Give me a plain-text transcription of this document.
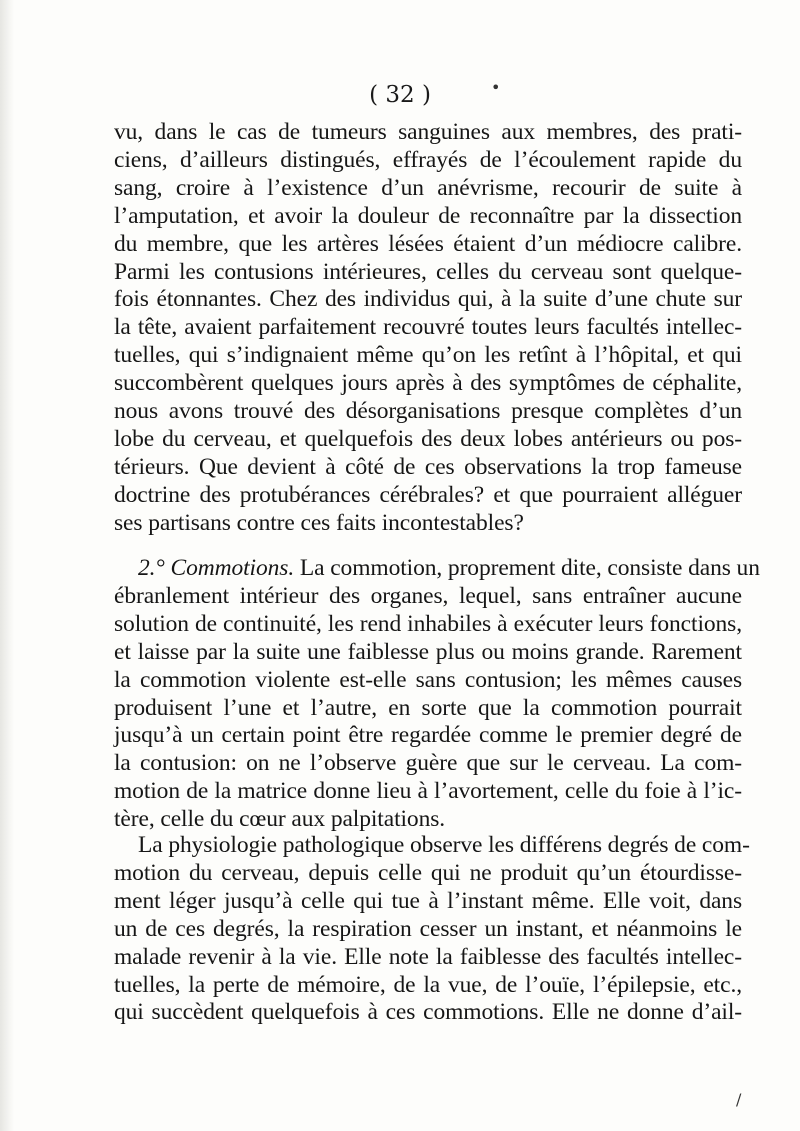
( 32 )	•
vu, dans le cas de tumeurs sanguines aux membres, des prati-
ciens, d’ailleurs distingués, effrayés de l’écoulement rapide du
sang, croire à l’existence d’un anévrisme, recourir de suite à
l’amputation, et avoir la douleur de reconnaître par la dissection
du membre, que les artères lésées étaient d’un médiocre calibre.
Parmi les contusions intérieures, celles du cerveau sont quelque-
fois étonnantes. Chez des individus qui, à la suite d’une chute sur
la tête, avaient parfaitement recouvré toutes leurs facultés intellec-
tuelles, qui s’indignaient même qu’on les retînt à l’hôpital, et qui
succombèrent quelques jours après à des symptômes de céphalite,
nous avons trouvé des désorganisations presque complètes d’un
lobe du cerveau, et quelquefois des deux lobes antérieurs ou pos-
térieurs. Que devient à côté de ces observations la trop fameuse
doctrine des protubérances cérébrales? et que pourraient alléguer
ses partisans contre ces faits incontestables?
2.° Commotions. La commotion, proprement dite, consiste dans un
ébranlement intérieur des organes, lequel, sans entraîner aucune
solution de continuité, les rend inhabiles à exécuter leurs fonctions,
et laisse par la suite une faiblesse plus ou moins grande. Rarement
la commotion violente est-elle sans contusion; les mêmes causes
produisent l’une et l’autre, en sorte que la commotion pourrait
jusqu’à un certain point être regardée comme le premier degré de
la contusion: on ne l’observe guère que sur le cerveau. La com-
motion de la matrice donne lieu à l’avortement, celle du foie à l’ic-
tère, celle du cœur aux palpitations.
La physiologie pathologique observe les différens degrés de com-
motion du cerveau, depuis celle qui ne produit qu’un étourdisse-
ment léger jusqu’à celle qui tue à l’instant même. Elle voit, dans
un de ces degrés, la respiration cesser un instant, et néanmoins le
malade revenir à la vie. Elle note la faiblesse des facultés intellec-
tuelles, la perte de mémoire, de la vue, de l’ouïe, l’épilepsie, etc.,
qui succèdent quelquefois à ces commotions. Elle ne donne d’ail-
/
